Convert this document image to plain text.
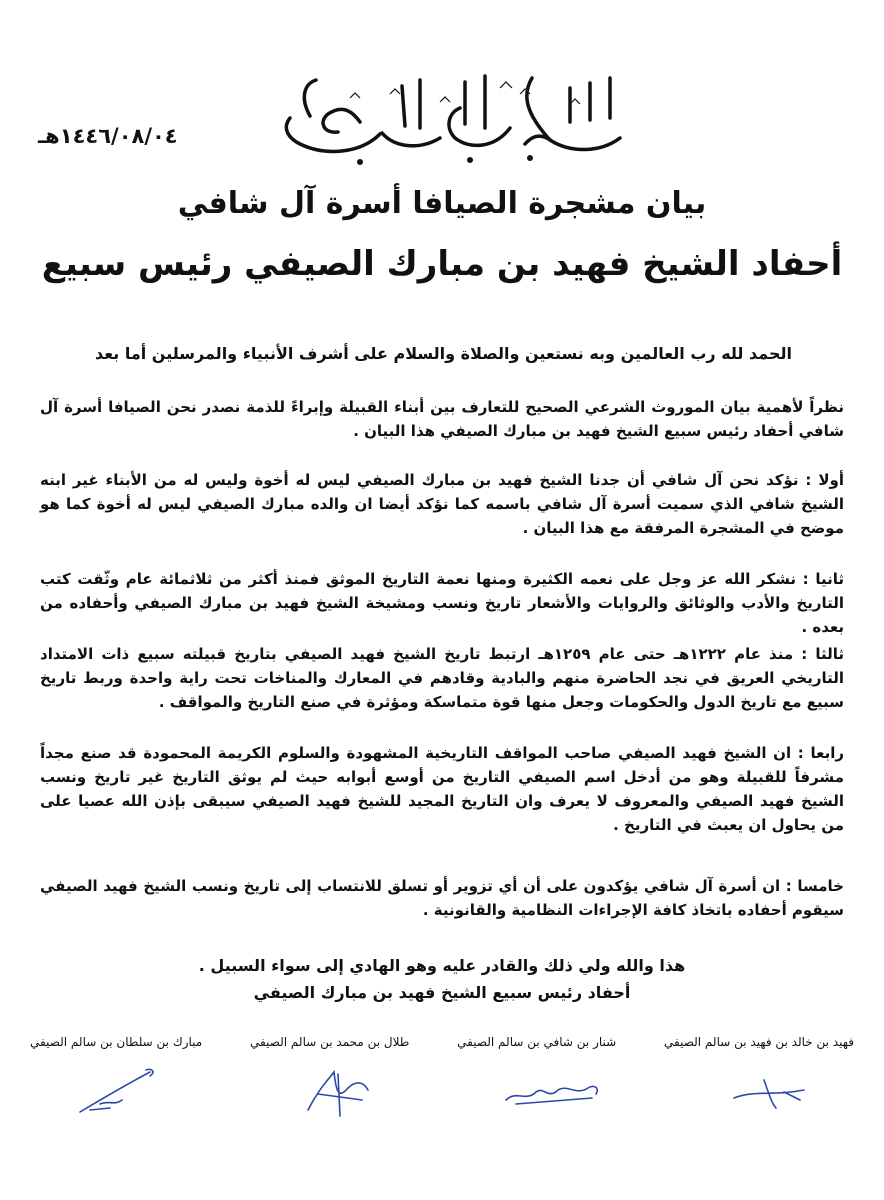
١٤٤٦/٠٨/٠٤هـ
بيان مشجرة الصيافا أسرة آل شافي
أحفاد الشيخ فهيد بن مبارك الصيفي رئيس سبيع
الحمد لله رب العالمين وبه نستعين والصلاة والسلام على أشرف الأنبياء والمرسلين أما بعد
نظراً لأهمية بيان الموروث الشرعي الصحيح للتعارف بين أبناء القبيلة وإبراءً للذمة نصدر نحن الصيافا أسرة آل شافي أحفاد رئيس سبيع الشيخ فهيد بن مبارك الصيفي هذا البيان .
أولا : نؤكد نحن آل شافي أن جدنا الشيخ فهيد بن مبارك الصيفي ليس له أخوة وليس له من الأبناء غير ابنه الشيخ شافي الذي سميت أسرة آل شافي باسمه كما نؤكد أيضا ان والده مبارك الصيفي ليس له أخوة كما هو موضح في المشجرة المرفقة مع هذا البيان .
ثانيا : نشكر الله عز وجل على نعمه الكثيرة ومنها نعمة التاريخ الموثق فمنذ أكثر من ثلاثمائة عام وثّقت كتب التاريخ والأدب والوثائق والروايات والأشعار تاريخ ونسب ومشيخة الشيخ فهيد بن مبارك الصيفي وأحفاده من بعده .
ثالثا : منذ عام ١٢٢٢هـ حتى عام ١٢٥٩هـ ارتبط تاريخ الشيخ فهيد الصيفي بتاريخ قبيلته سبيع ذات الامتداد التاريخي العريق في نجد الحاضرة منهم والبادية وقادهم في المعارك والمناخات تحت راية واحدة وربط تاريخ سبيع مع تاريخ الدول والحكومات وجعل منها قوة متماسكة ومؤثرة في صنع التاريخ والمواقف .
رابعا : ان الشيخ فهيد الصيفي صاحب المواقف التاريخية المشهودة والسلوم الكريمة المحمودة قد صنع مجداً مشرفاً للقبيلة وهو من أدخل اسم الصيفي التاريخ من أوسع أبوابه حيث لم يوثق التاريخ غير تاريخ ونسب الشيخ فهيد الصيفي والمعروف لا يعرف وان التاريخ المجيد للشيخ فهيد الصيفي سيبقى بإذن الله عصيا على من يحاول ان يعبث في التاريخ .
خامسا : ان أسرة آل شافي يؤكدون على أن أي تزوير أو تسلق للانتساب إلى تاريخ ونسب الشيخ فهيد الصيفي سيقوم أحفاده باتخاذ كافة الإجراءات النظامية والقانونية .
هذا والله ولي ذلك والقادر عليه وهو الهادي إلى سواء السبيل .
أحفاد رئيس سبيع الشيخ فهيد بن مبارك الصيفي
مبارك بن سلطان بن سالم الصيفي	طلال بن محمد بن سالم الصيفي	شنار بن شافي بن سالم الصيفي	فهيد بن خالد بن فهيد بن سالم الصيفي
